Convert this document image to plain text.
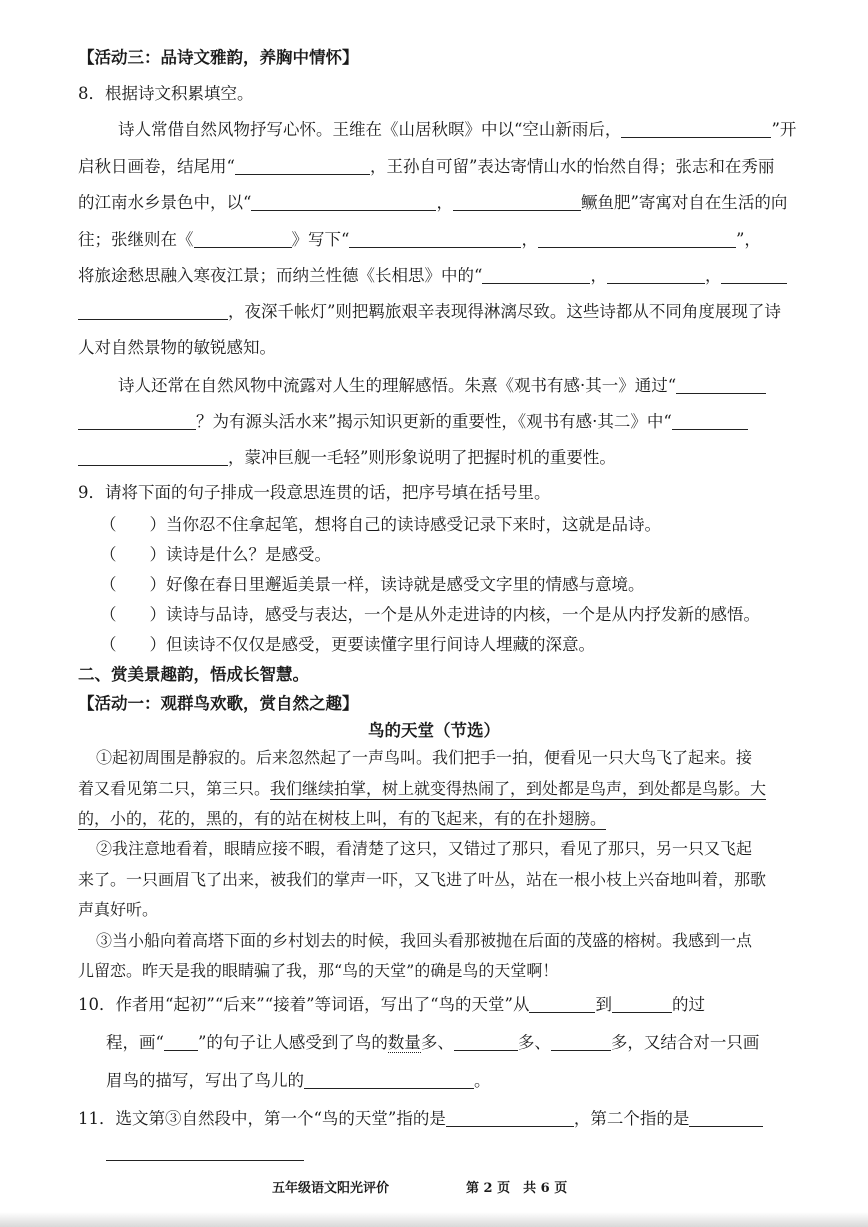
【活动三：品诗文雅韵，养胸中情怀】
8．根据诗文积累填空。
诗人常借自然风物抒写心怀。王维在《山居秋暝》中以“空山新雨后，	”开
启秋日画卷，结尾用“	，王孙自可留”表达寄情山水的怡然自得；张志和在秀丽
的江南水乡景色中，以“	，	鳜鱼肥”寄寓对自在生活的向
往；张继则在《	》写下“	，	”，
将旅途愁思融入寒夜江景；而纳兰性德《长相思》中的“	，	，
，夜深千帐灯”则把羁旅艰辛表现得淋漓尽致。这些诗都从不同角度展现了诗
人对自然景物的敏锐感知。
诗人还常在自然风物中流露对人生的理解感悟。朱熹《观书有感·其一》通过“
？为有源头活水来”揭示知识更新的重要性，《观书有感·其二》中“
，蒙冲巨舰一毛轻”则形象说明了把握时机的重要性。
9．请将下面的句子排成一段意思连贯的话，把序号填在括号里。
（　　）当你忍不住拿起笔，想将自己的读诗感受记录下来时，这就是品诗。
（　　）读诗是什么？是感受。
（　　）好像在春日里邂逅美景一样，读诗就是感受文字里的情感与意境。
（　　）读诗与品诗，感受与表达，一个是从外走进诗的内核，一个是从内抒发新的感悟。
（　　）但读诗不仅仅是感受，更要读懂字里行间诗人埋藏的深意。
二、赏美景趣韵，悟成长智慧。
【活动一：观群鸟欢歌，赏自然之趣】
鸟的天堂（节选）
①起初周围是静寂的。后来忽然起了一声鸟叫。我们把手一拍，便看见一只大鸟飞了起来。接
着又看见第二只，第三只。我们继续拍掌，树上就变得热闹了，到处都是鸟声，到处都是鸟影。大
的，小的，花的，黑的，有的站在树枝上叫，有的飞起来，有的在扑翅膀。
②我注意地看着，眼睛应接不暇，看清楚了这只，又错过了那只，看见了那只，另一只又飞起
来了。一只画眉飞了出来，被我们的掌声一吓，又飞进了叶丛，站在一根小枝上兴奋地叫着，那歌
声真好听。
③当小船向着高塔下面的乡村划去的时候，我回头看那被抛在后面的茂盛的榕树。我感到一点
儿留恋。昨天是我的眼睛骗了我，那“鸟的天堂”的确是鸟的天堂啊！
10．作者用“起初”“后来”“接着”等词语，写出了“鸟的天堂”从	到	的过
程，画“ ”的句子让人感受到了鸟的数量多、	多、	多，又结合对一只画
眉鸟的描写，写出了鸟儿的	。
11．选文第③自然段中，第一个“鸟的天堂”指的是	，第二个指的是
五年级语文阳光评价	第 2 页　共 6 页
